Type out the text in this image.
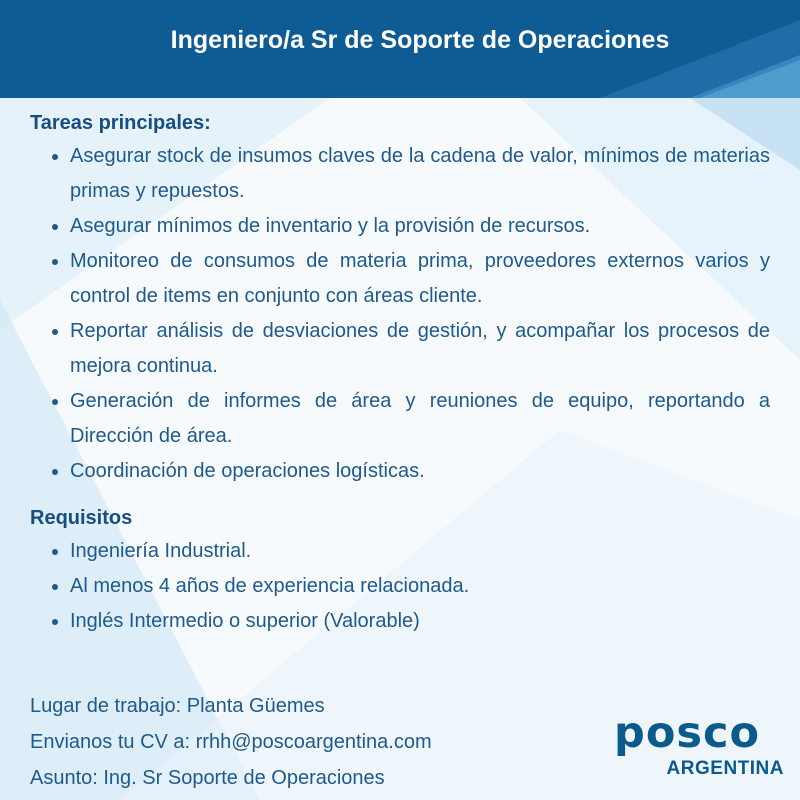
Ingeniero/a Sr de Soporte de Operaciones
Tareas principales:
Asegurar stock de insumos claves de la cadena de valor, mínimos de materias primas y repuestos.
Asegurar mínimos de inventario y la provisión de recursos.
Monitoreo de consumos de materia prima, proveedores externos varios y control de items en conjunto con áreas cliente.
Reportar análisis de desviaciones de gestión, y acompañar los procesos de mejora continua.
Generación de informes de área y reuniones de equipo, reportando a Dirección de área.
Coordinación de operaciones logísticas.
Requisitos
Ingeniería Industrial.
Al menos 4 años de experiencia relacionada.
Inglés Intermedio o superior (Valorable)
Lugar de trabajo: Planta Güemes
Envianos tu CV a: rrhh@poscoargentina.com
Asunto: Ing. Sr Soporte de Operaciones
posco
ARGENTINA
